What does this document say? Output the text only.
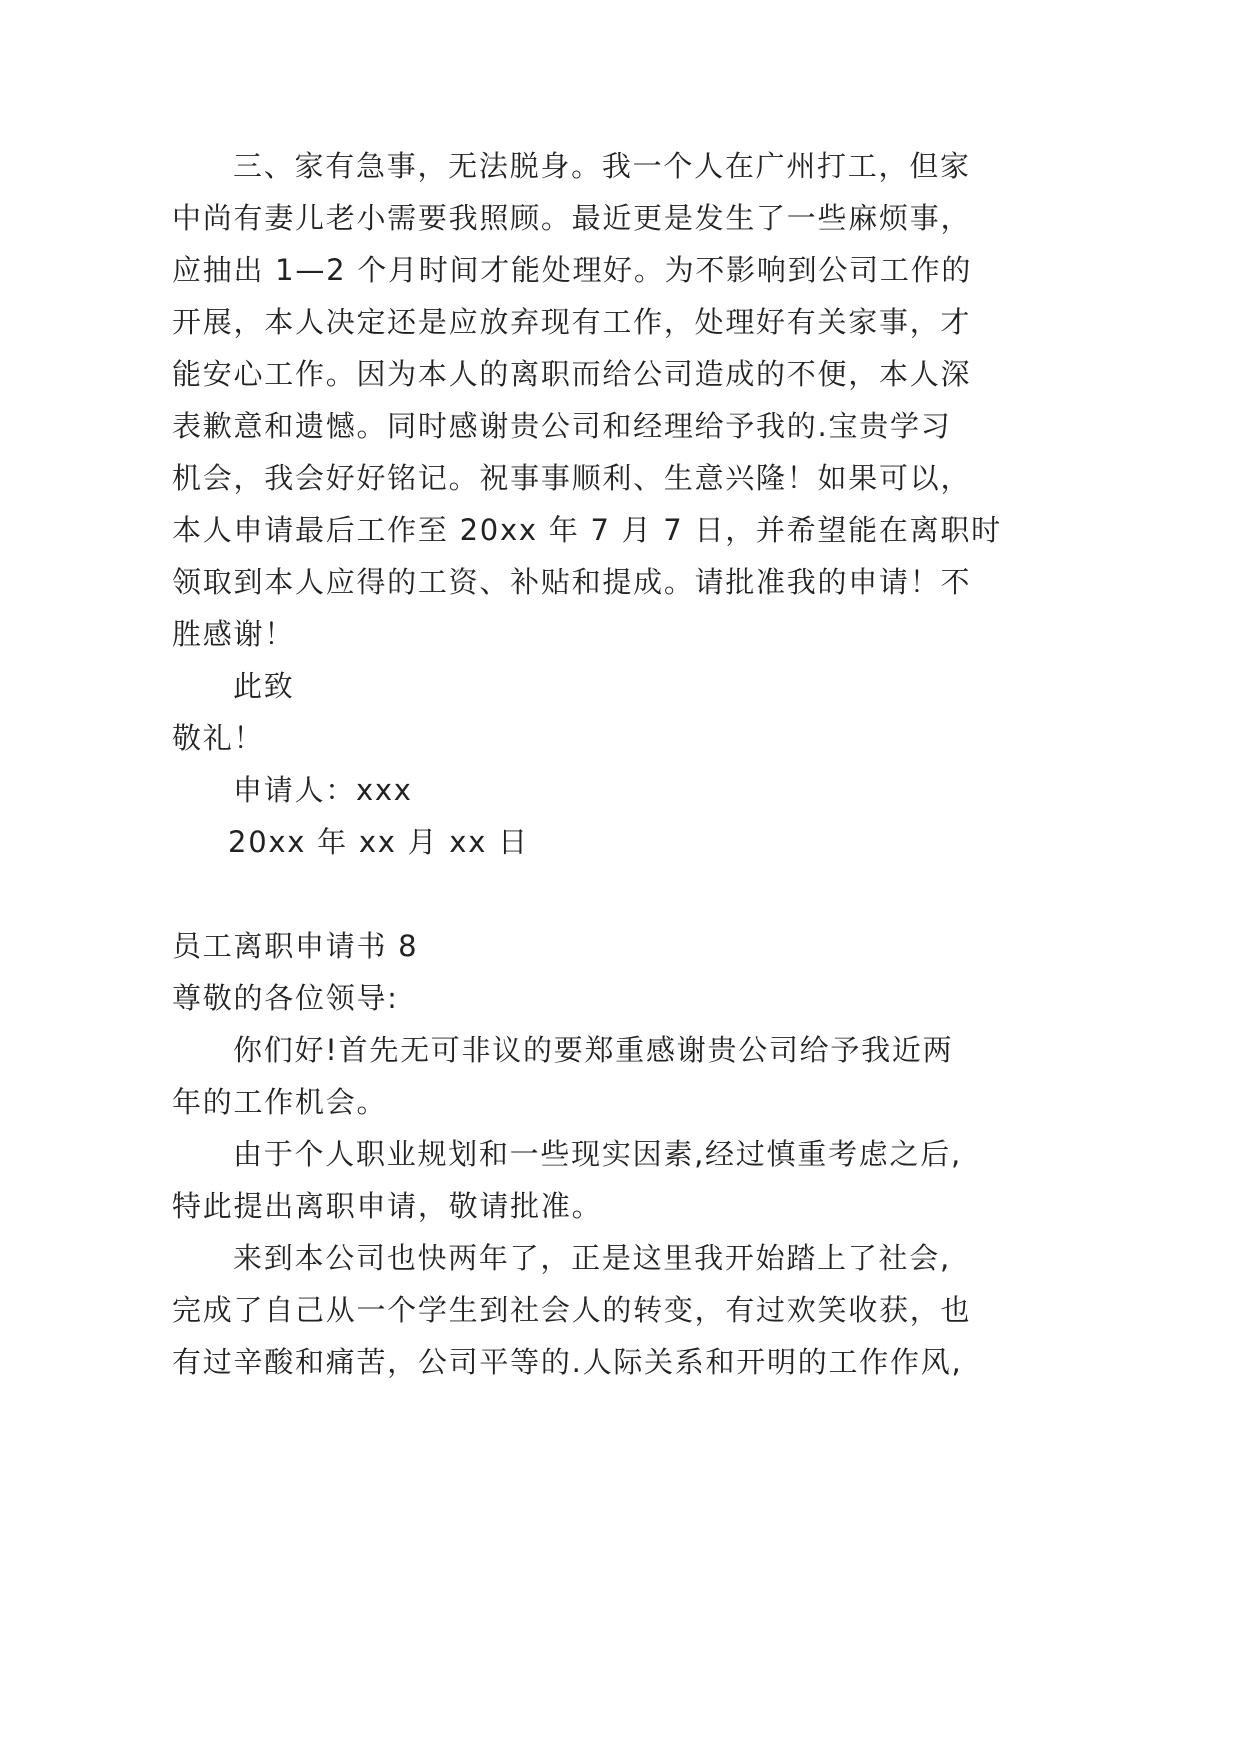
三、家有急事，无法脱身。我一个人在广州打工，但家
中尚有妻儿老小需要我照顾。最近更是发生了一些麻烦事，
应抽出 1—2 个月时间才能处理好。为不影响到公司工作的
开展，本人决定还是应放弃现有工作，处理好有关家事，才
能安心工作。因为本人的离职而给公司造成的不便，本人深
表歉意和遗憾。同时感谢贵公司和经理给予我的.宝贵学习
机会，我会好好铭记。祝事事顺利、生意兴隆！如果可以，
本人申请最后工作至 20xx 年 7 月 7 日，并希望能在离职时
领取到本人应得的工资、补贴和提成。请批准我的申请！不
胜感谢！
此致
敬礼！
申请人：xxx
20xx 年 xx 月 xx 日
员工离职申请书 8
尊敬的各位领导:
你们好!首先无可非议的要郑重感谢贵公司给予我近两
年的工作机会。
由于个人职业规划和一些现实因素,经过慎重考虑之后,
特此提出离职申请，敬请批准。
来到本公司也快两年了，正是这里我开始踏上了社会,
完成了自己从一个学生到社会人的转变，有过欢笑收获，也
有过辛酸和痛苦，公司平等的.人际关系和开明的工作作风,
